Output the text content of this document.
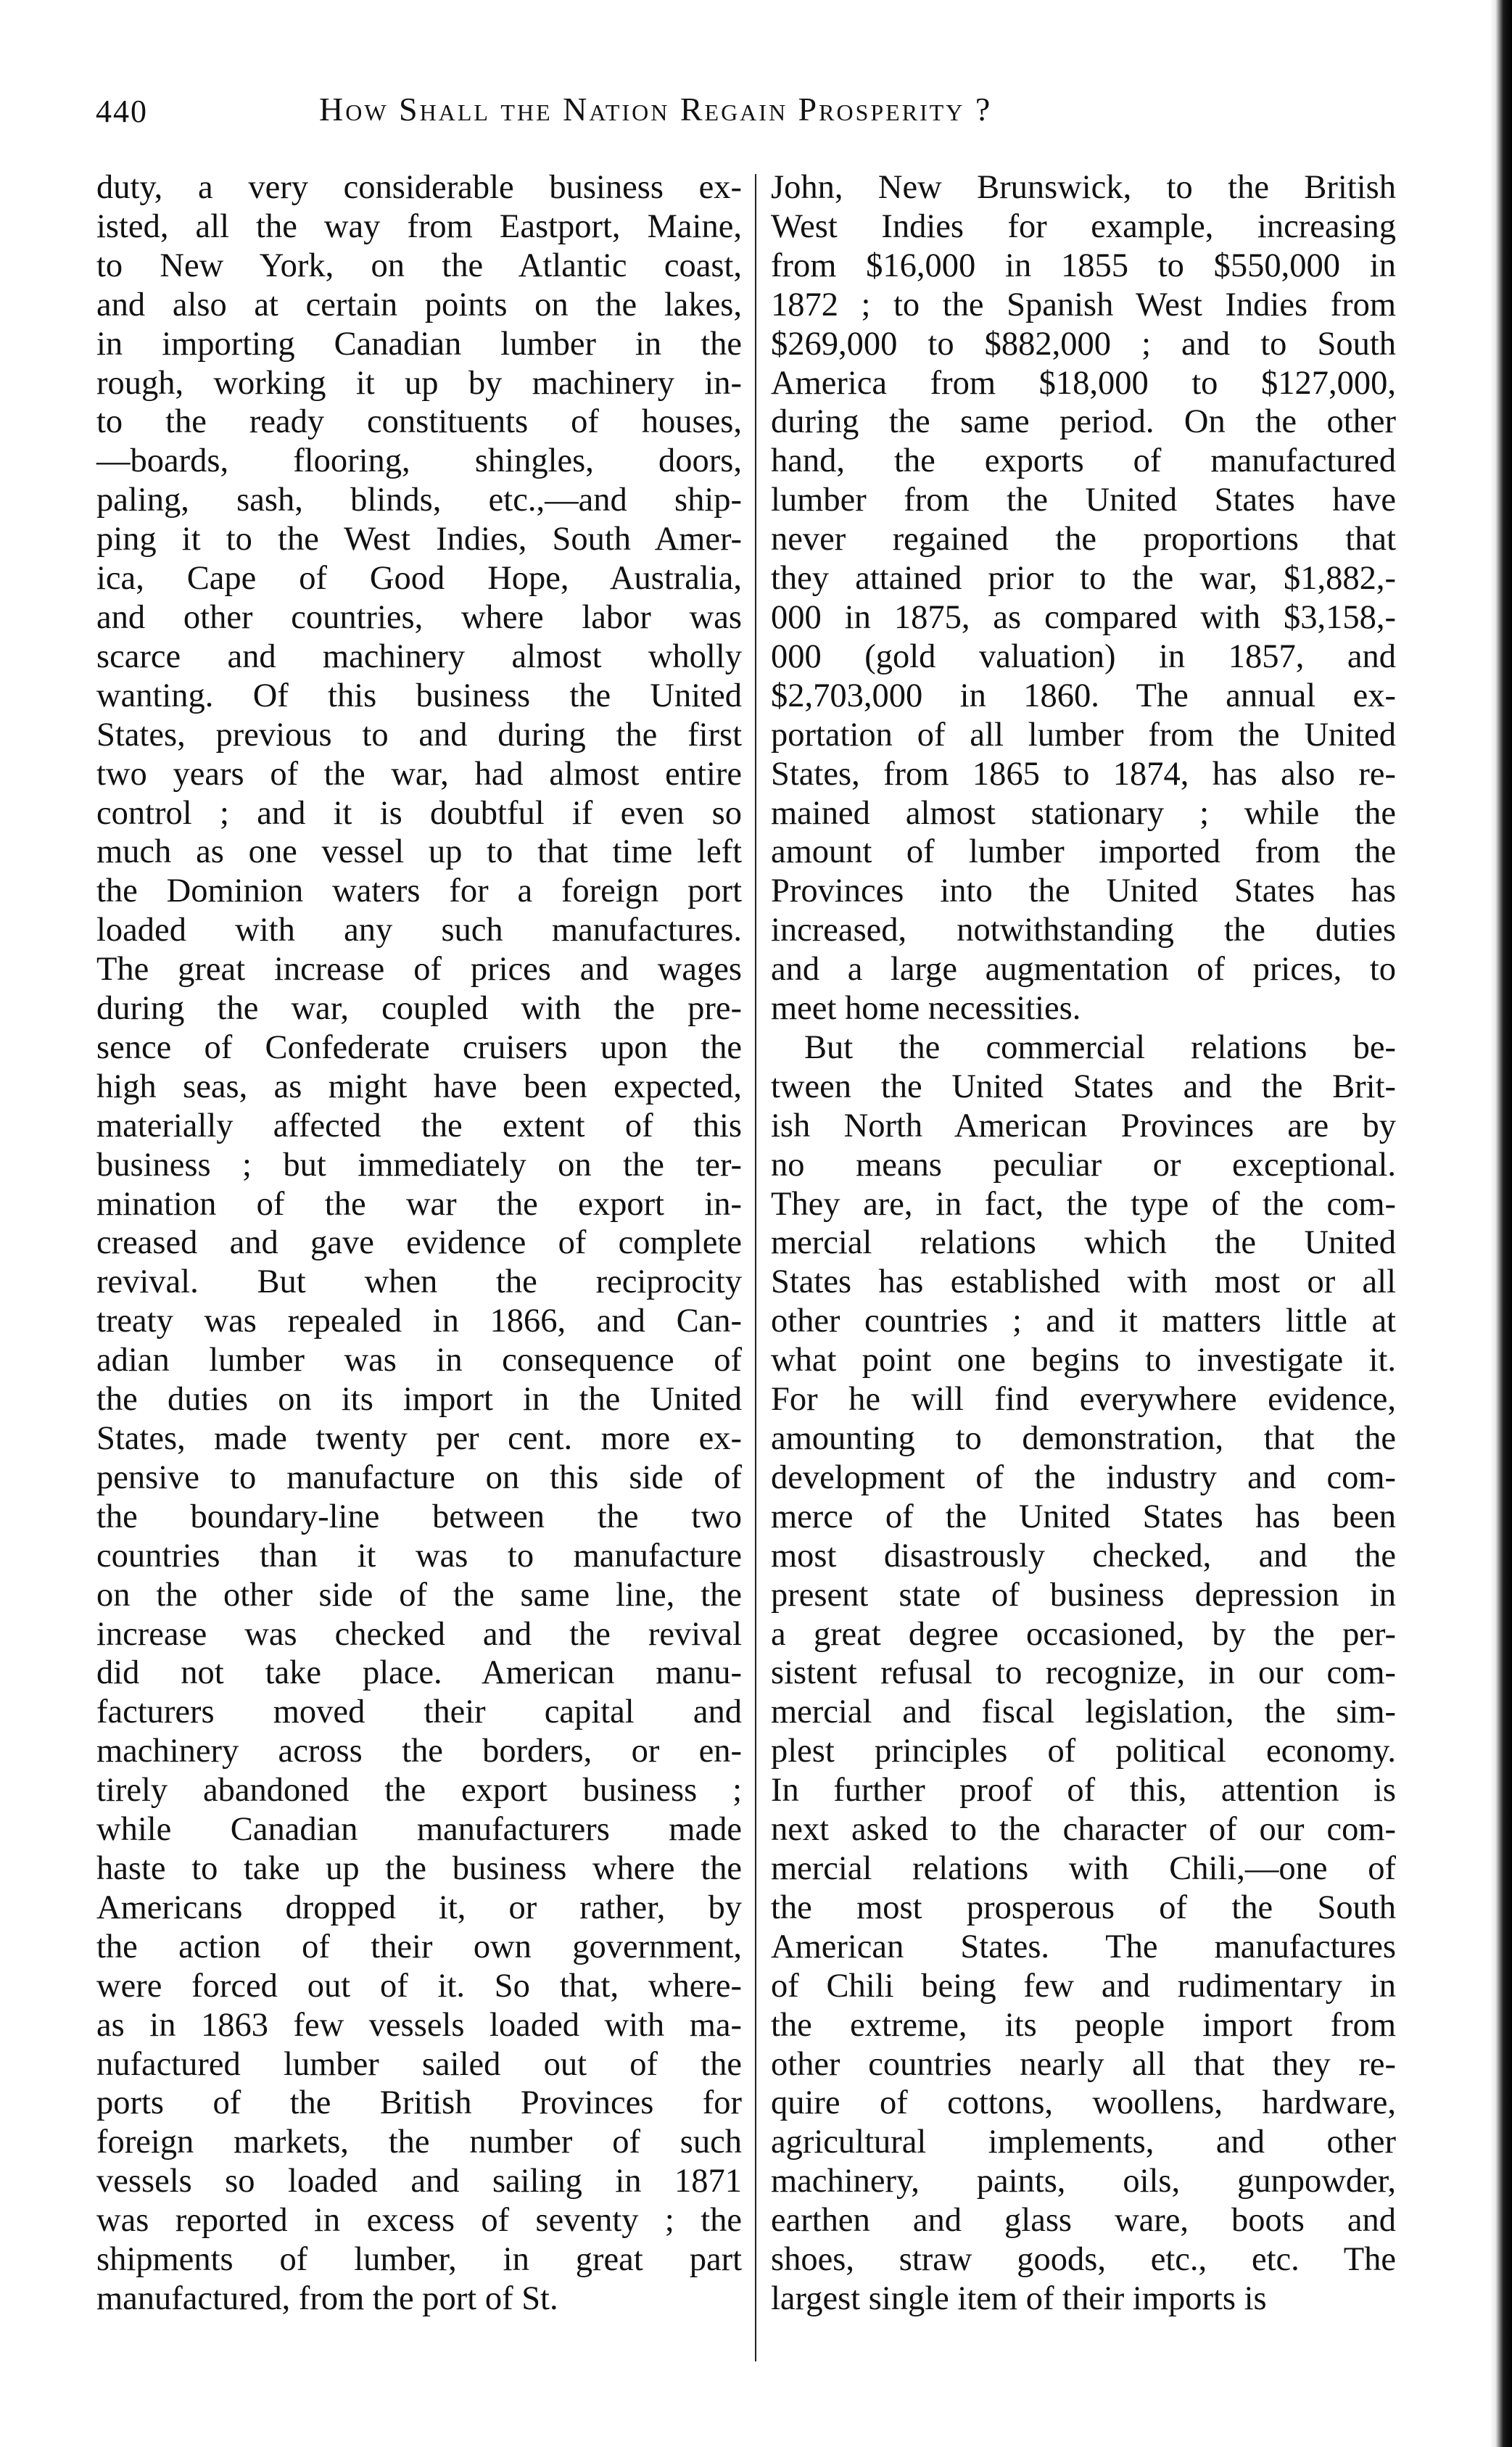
440	How Shall the Nation Regain Prosperity ?
duty, a very considerable business ex-
isted, all the way from Eastport, Maine,
to New York, on the Atlantic coast,
and also at certain points on the lakes,
in importing Canadian lumber in the
rough, working it up by machinery in-
to the ready constituents of houses,
—boards, flooring, shingles, doors,
paling, sash, blinds, etc.,—and ship-
ping it to the West Indies, South Amer-
ica, Cape of Good Hope, Australia,
and other countries, where labor was
scarce and machinery almost wholly
wanting. Of this business the United
States, previous to and during the first
two years of the war, had almost entire
control ; and it is doubtful if even so
much as one vessel up to that time left
the Dominion waters for a foreign port
loaded with any such manufactures.
The great increase of prices and wages
during the war, coupled with the pre-
sence of Confederate cruisers upon the
high seas, as might have been expected,
materially affected the extent of this
business ; but immediately on the ter-
mination of the war the export in-
creased and gave evidence of complete
revival. But when the reciprocity
treaty was repealed in 1866, and Can-
adian lumber was in consequence of
the duties on its import in the United
States, made twenty per cent. more ex-
pensive to manufacture on this side of
the boundary-line between the two
countries than it was to manufacture
on the other side of the same line, the
increase was checked and the revival
did not take place. American manu-
facturers moved their capital and
machinery across the borders, or en-
tirely abandoned the export business ;
while Canadian manufacturers made
haste to take up the business where the
Americans dropped it, or rather, by
the action of their own government,
were forced out of it. So that, where-
as in 1863 few vessels loaded with ma-
nufactured lumber sailed out of the
ports of the British Provinces for
foreign markets, the number of such
vessels so loaded and sailing in 1871
was reported in excess of seventy ; the
shipments of lumber, in great part
manufactured, from the port of St.
John, New Brunswick, to the British
West Indies for example, increasing
from $16,000 in 1855 to $550,000 in
1872 ; to the Spanish West Indies from
$269,000 to $882,000 ; and to South
America from $18,000 to $127,000,
during the same period. On the other
hand, the exports of manufactured
lumber from the United States have
never regained the proportions that
they attained prior to the war, $1,882,-
000 in 1875, as compared with $3,158,-
000 (gold valuation) in 1857, and
$2,703,000 in 1860. The annual ex-
portation of all lumber from the United
States, from 1865 to 1874, has also re-
mained almost stationary ; while the
amount of lumber imported from the
Provinces into the United States has
increased, notwithstanding the duties
and a large augmentation of prices, to
meet home necessities.
But the commercial relations be-
tween the United States and the Brit-
ish North American Provinces are by
no means peculiar or exceptional.
They are, in fact, the type of the com-
mercial relations which the United
States has established with most or all
other countries ; and it matters little at
what point one begins to investigate it.
For he will find everywhere evidence,
amounting to demonstration, that the
development of the industry and com-
merce of the United States has been
most disastrously checked, and the
present state of business depression in
a great degree occasioned, by the per-
sistent refusal to recognize, in our com-
mercial and fiscal legislation, the sim-
plest principles of political economy.
In further proof of this, attention is
next asked to the character of our com-
mercial relations with Chili,—one of
the most prosperous of the South
American States. The manufactures
of Chili being few and rudimentary in
the extreme, its people import from
other countries nearly all that they re-
quire of cottons, woollens, hardware,
agricultural implements, and other
machinery, paints, oils, gunpowder,
earthen and glass ware, boots and
shoes, straw goods, etc., etc. The
largest single item of their imports is
